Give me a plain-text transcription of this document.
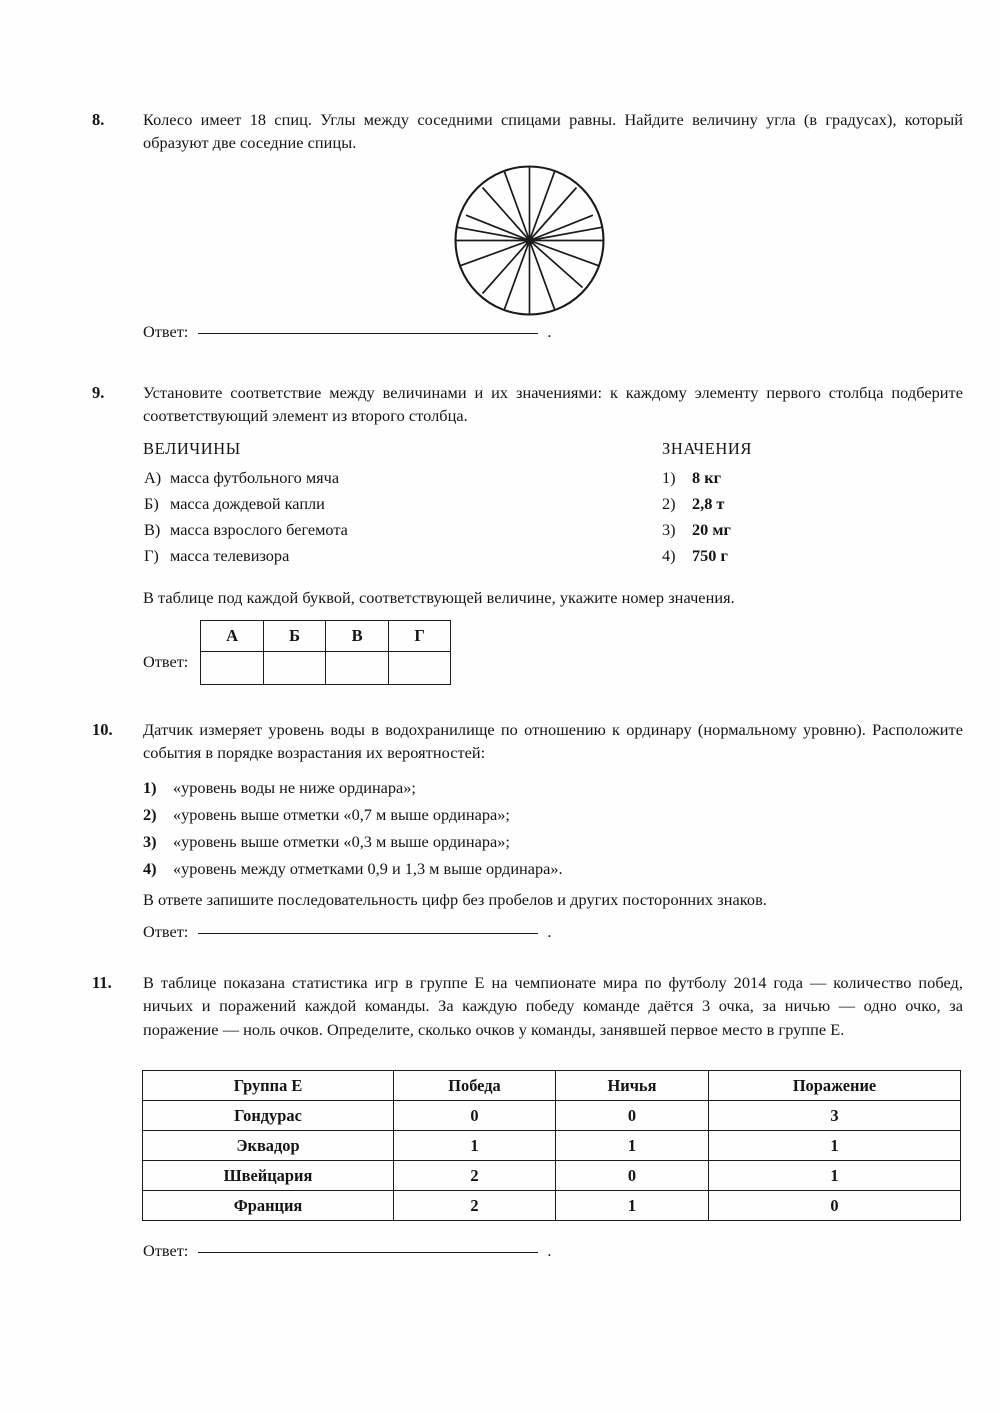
8.	Колесо имеет 18 спиц. Углы между соседними спицами равны. Найдите величину угла (в градусах), который образуют две соседние спицы.

Ответ:	.
9.	Установите соответствие между величинами и их значениями: к каждому элементу первого столбца подберите соответствующий элемент из второго столбца.

ВЕЛИЧИНЫ	ЗНАЧЕНИЯ
А) масса футбольного мяча
Б) масса дождевой капли
В) масса взрослого бегемота
Г) масса телевизора
1) 8 кг
2) 2,8 т
3) 20 мг
4) 750 г
В таблице под каждой буквой, соответствующей величине, укажите номер значения.
Ответ:
А	Б	В	Г

10.	Датчик измеряет уровень воды в водохранилище по отношению к ординару (нормальному уровню). Расположите события в порядке возрастания их вероятностей:

1) «уровень воды не ниже ординара»;
2) «уровень выше отметки «0,7 м выше ординара»;
3) «уровень выше отметки «0,3 м выше ординара»;
4) «уровень между отметками 0,9 и 1,3 м выше ординара».
В ответе запишите последовательность цифр без пробелов и других посторонних знаков.
Ответ:	.
11.	В таблице показана статистика игр в группе E на чемпионате мира по футболу 2014 года — количество побед, ничьих и поражений каждой команды. За каждую победу команде даётся 3 очка, за ничью — одно очко, за поражение — ноль очков. Определите, сколько очков у команды, занявшей первое место в группе E.

Группа E	Победа	Ничья	Поражение
Гондурас	0	0	3
Эквадор	1	1	1
Швейцария	2	0	1
Франция	2	1	0
Ответ:	.
